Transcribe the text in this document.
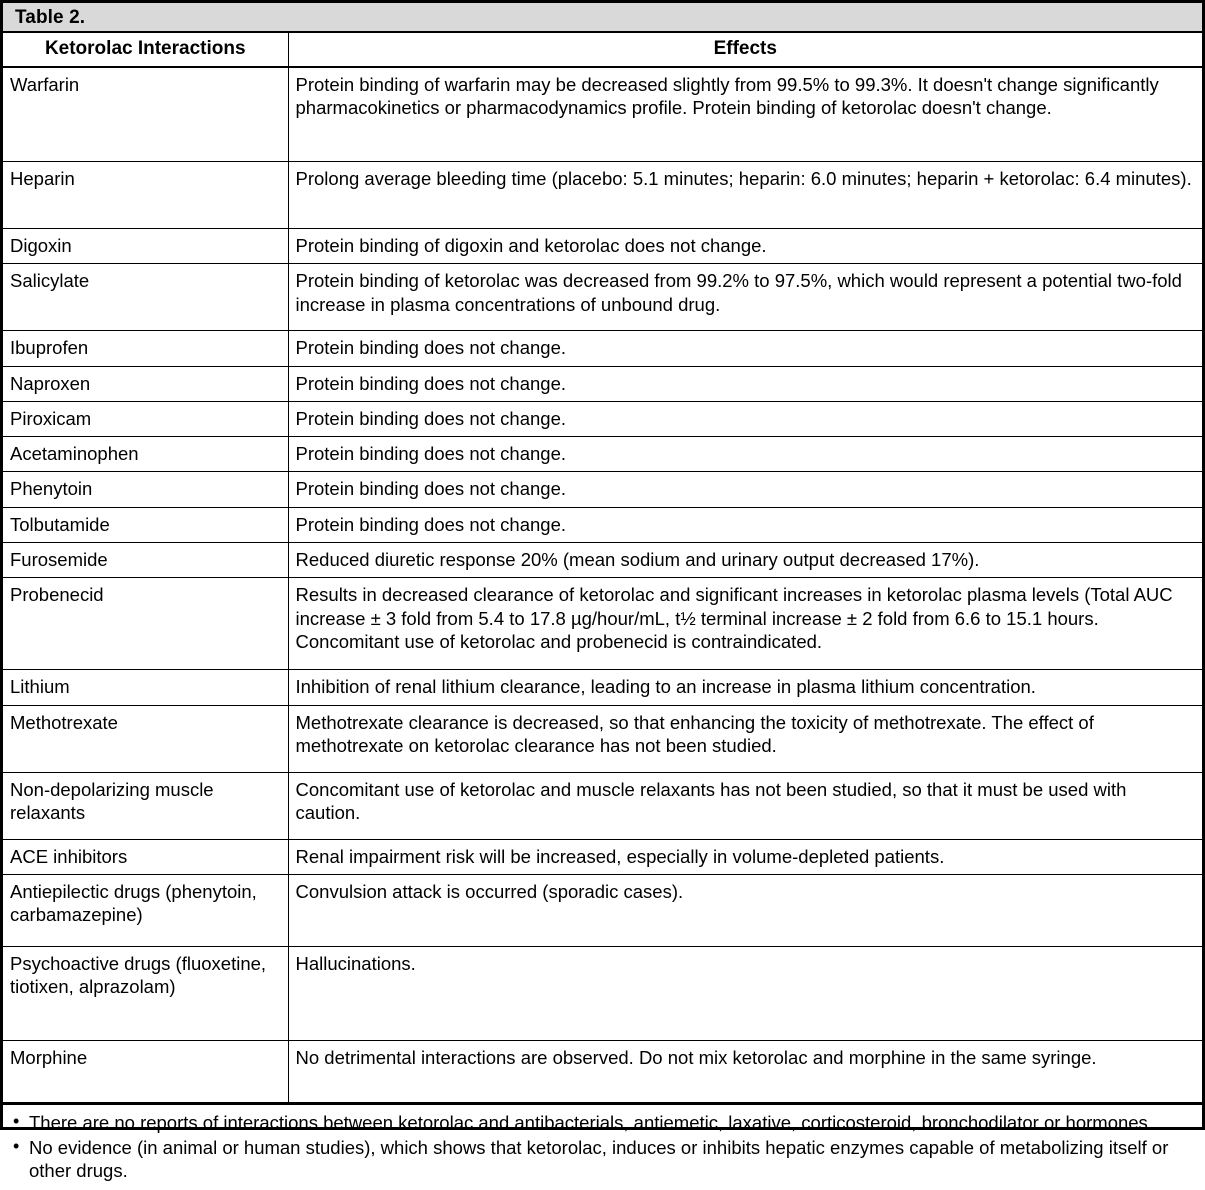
Table 2.
Ketorolac Interactions	Effects
Warfarin	Protein binding of warfarin may be decreased slightly from 99.5% to 99.3%. It doesn't change significantly pharmacokinetics or pharmacodynamics profile. Protein binding of ketorolac doesn't change.
Heparin	Prolong average bleeding time (placebo: 5.1 minutes; heparin: 6.0 minutes; heparin + ketorolac: 6.4 minutes).
Digoxin	Protein binding of digoxin and ketorolac does not change.
Salicylate	Protein binding of ketorolac was decreased from 99.2% to 97.5%, which would represent a potential two-fold increase in plasma concentrations of unbound drug.
Ibuprofen	Protein binding does not change.
Naproxen	Protein binding does not change.
Piroxicam	Protein binding does not change.
Acetaminophen	Protein binding does not change.
Phenytoin	Protein binding does not change.
Tolbutamide	Protein binding does not change.
Furosemide	Reduced diuretic response 20% (mean sodium and urinary output decreased 17%).
Probenecid	Results in decreased clearance of ketorolac and significant increases in ketorolac plasma levels (Total AUC increase ± 3 fold from 5.4 to 17.8 µg/hour/mL, t½ terminal increase ± 2 fold from 6.6 to 15.1 hours. Concomitant use of ketorolac and probenecid is contraindicated.
Lithium	Inhibition of renal lithium clearance, leading to an increase in plasma lithium concentration.
Methotrexate	Methotrexate clearance is decreased, so that enhancing the toxicity of methotrexate. The effect of methotrexate on ketorolac clearance has not been studied.
Non-depolarizing muscle relaxants	Concomitant use of ketorolac and muscle relaxants has not been studied, so that it must be used with caution.
ACE inhibitors	Renal impairment risk will be increased, especially in volume-depleted patients.
Antiepilectic drugs (phenytoin, carbamazepine)	Convulsion attack is occurred (sporadic cases).
Psychoactive drugs (fluoxetine, tiotixen, alprazolam)	Hallucinations.
Morphine	No detrimental interactions are observed. Do not mix ketorolac and morphine in the same syringe.
• There are no reports of interactions between ketorolac and antibacterials, antiemetic, laxative, corticosteroid, bronchodilator or hormones.
• No evidence (in animal or human studies), which shows that ketorolac, induces or inhibits hepatic enzymes capable of metabolizing itself or other drugs.
